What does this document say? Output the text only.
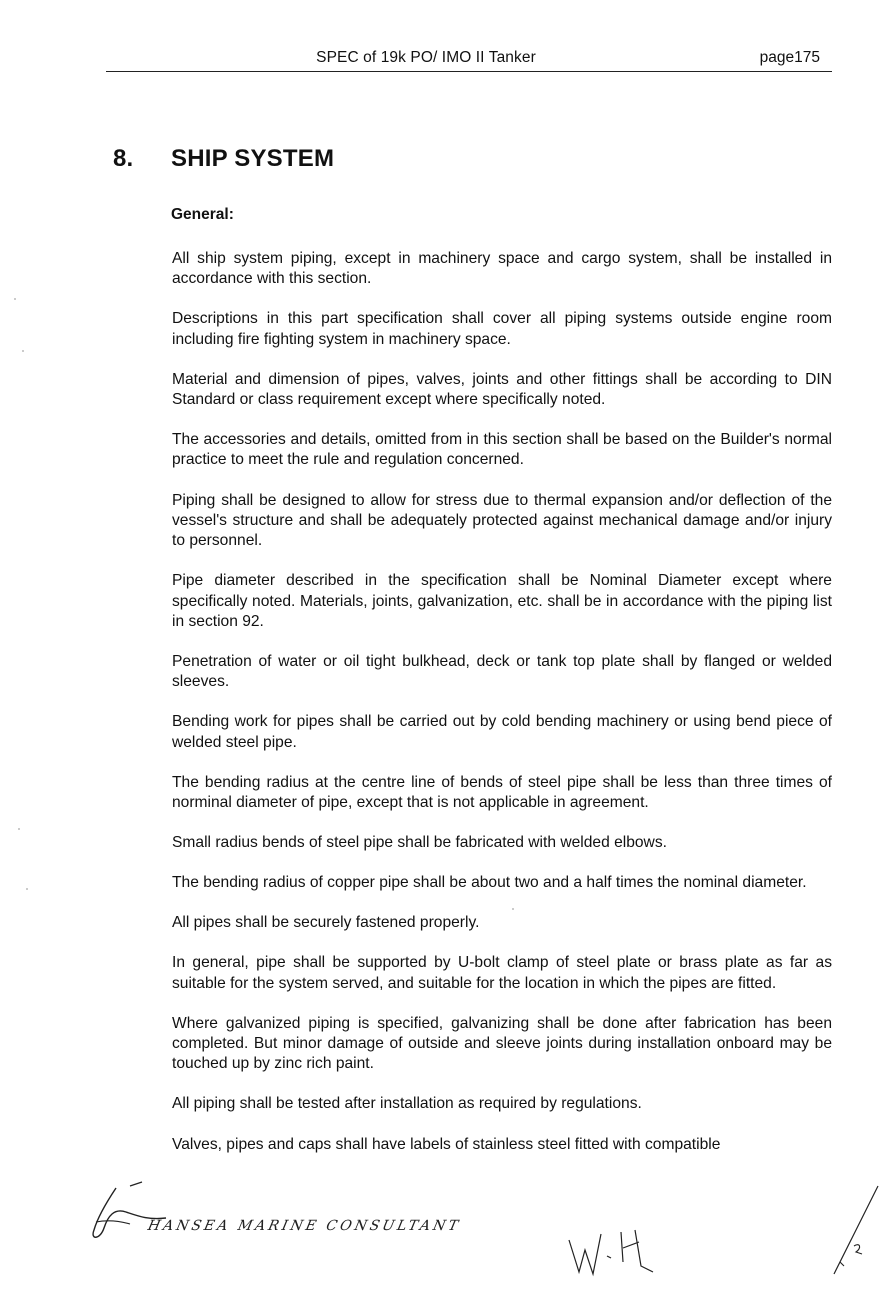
SPEC of 19k PO/ IMO II Tanker	page175
8. SHIP SYSTEM
General:

All ship system piping, except in machinery space and cargo system, shall be installed in accordance with this section.

Descriptions in this part specification shall cover all piping systems outside engine room including fire fighting system in machinery space.

Material and dimension of pipes, valves, joints and other fittings shall be according to DIN Standard or class requirement except where specifically noted.

The accessories and details, omitted from in this section shall be based on the Builder's normal practice to meet the rule and regulation concerned.

Piping shall be designed to allow for stress due to thermal expansion and/or deflection of the vessel's structure and shall be adequately protected against mechanical damage and/or injury to personnel.

Pipe diameter described in the specification shall be Nominal Diameter except where specifically noted. Materials, joints, galvanization, etc. shall be in accordance with the piping list in section 92.

Penetration of water or oil tight bulkhead, deck or tank top plate shall by flanged or welded sleeves.

Bending work for pipes shall be carried out by cold bending machinery or using bend piece of welded steel pipe.

The bending radius at the centre line of bends of steel pipe shall be less than three times of norminal diameter of pipe, except that is not applicable in agreement.

Small radius bends of steel pipe shall be fabricated with welded elbows.

The bending radius of copper pipe shall be about two and a half times the nominal diameter.

All pipes shall be securely fastened properly.

In general, pipe shall be supported by U-bolt clamp of steel plate or brass plate as far as suitable for the system served, and suitable for the location in which the pipes are fitted.

Where galvanized piping is specified, galvanizing shall be done after fabrication has been completed. But minor damage of outside and sleeve joints during installation onboard may be touched up by zinc rich paint.

All piping shall be tested after installation as required by regulations.

Valves, pipes and caps shall have labels of stainless steel fitted with compatible

HANSEA MARINE CONSULTANT
